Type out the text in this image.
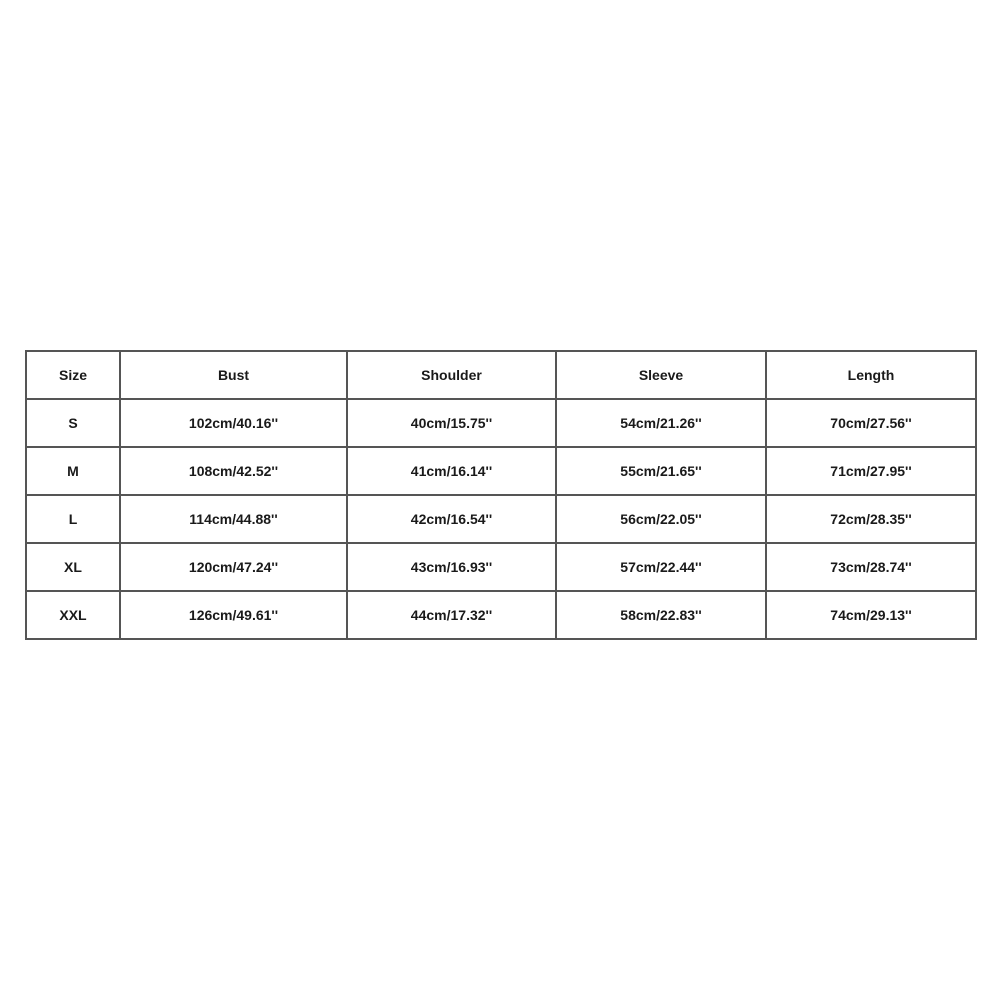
Size	Bust	Shoulder	Sleeve	Length
S	102cm/40.16''	40cm/15.75''	54cm/21.26''	70cm/27.56''
M	108cm/42.52''	41cm/16.14''	55cm/21.65''	71cm/27.95''
L	114cm/44.88''	42cm/16.54''	56cm/22.05''	72cm/28.35''
XL	120cm/47.24''	43cm/16.93''	57cm/22.44''	73cm/28.74''
XXL	126cm/49.61''	44cm/17.32''	58cm/22.83''	74cm/29.13''
